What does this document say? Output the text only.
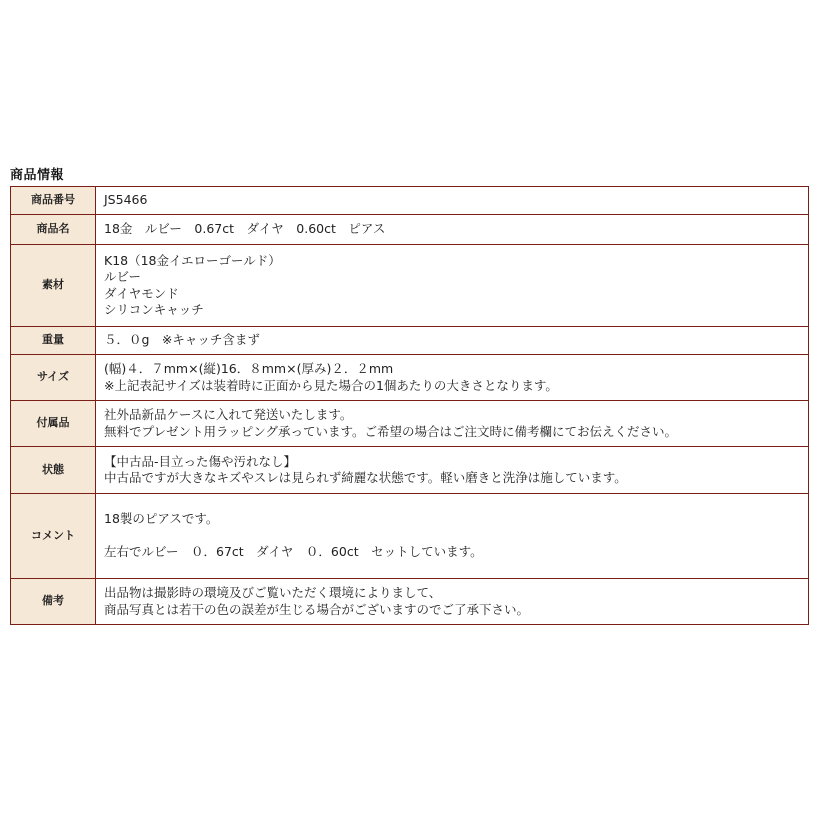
商品情報
商品番号	JS5466

商品名	18金　ルビー　0.67ct　ダイヤ　0.60ct　ピアス

素材	K18（18金イエローゴールド）
ルビー
ダイヤモンド
シリコンキャッチ

重量	５．０g　※キャッチ含まず

サイズ	(幅)４．７mm×(縦)16．８mm×(厚み)２．２mm
※上記表記サイズは装着時に正面から見た場合の1個あたりの大きさとなります。

付属品	社外品新品ケースに入れて発送いたします。
無料でプレゼント用ラッピング承っています。ご希望の場合はご注文時に備考欄にてお伝えください。

状態	【中古品-目立った傷や汚れなし】
中古品ですが大きなキズやスレは見られず綺麗な状態です。軽い磨きと洗浄は施しています。

コメント	18製のピアスです。
左右でルビー　０．67ct　ダイヤ　０．60ct　セットしています。

備考	出品物は撮影時の環境及びご覧いただく環境によりまして、
商品写真とは若干の色の誤差が生じる場合がございますのでご了承下さい。
